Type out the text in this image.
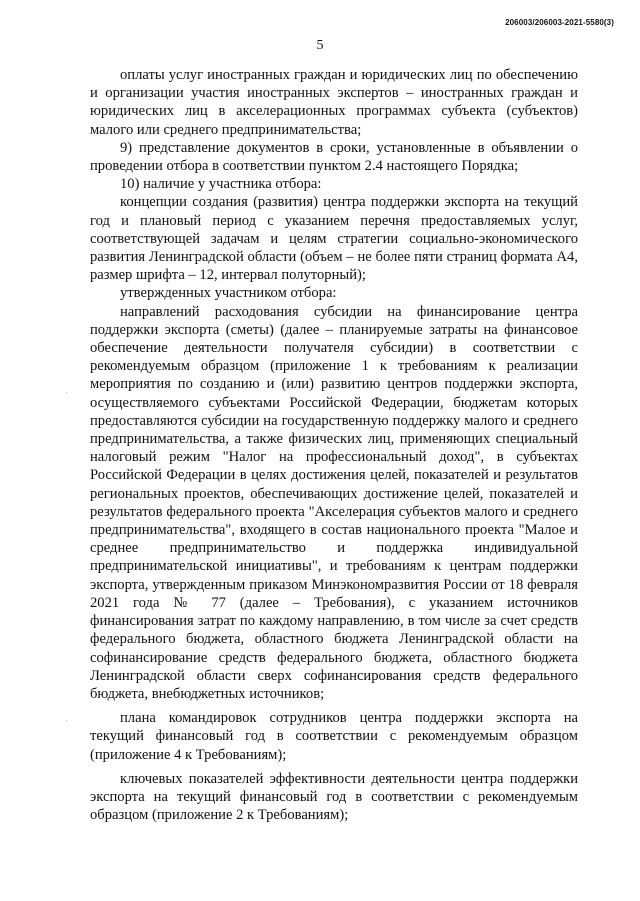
206003/206003-2021-5580(3)
5

оплаты услуг иностранных граждан и юридических лиц по обеспечению и организации участия иностранных экспертов – иностранных граждан и юридических лиц в акселерационных программах субъекта (субъектов) малого или среднего предпринимательства;

9) представление документов в сроки, установленные в объявлении о проведении отбора в соответствии пунктом 2.4 настоящего Порядка;

10) наличие у участника отбора:

концепции создания (развития) центра поддержки экспорта на текущий год и плановый период с указанием перечня предоставляемых услуг, соответствующей задачам и целям стратегии социально-экономического развития Ленинградской области (объем – не более пяти страниц формата А4, размер шрифта – 12, интервал полуторный);

утвержденных участником отбора:

направлений расходования субсидии на финансирование центра поддержки экспорта (сметы) (далее – планируемые затраты на финансовое обеспечение деятельности получателя субсидии) в соответствии с рекомендуемым образцом (приложение 1 к требованиям к реализации мероприятия по созданию и (или) развитию центров поддержки экспорта, осуществляемого субъектами Российской Федерации, бюджетам которых предоставляются субсидии на государственную поддержку малого и среднего предпринимательства, а также физических лиц, применяющих специальный налоговый режим "Налог на профессиональный доход", в субъектах Российской Федерации в целях достижения целей, показателей и результатов региональных проектов, обеспечивающих достижение целей, показателей и результатов федерального проекта "Акселерация субъектов малого и среднего предпринимательства", входящего в состав национального проекта "Малое и среднее предпринимательство и поддержка индивидуальной предпринимательской инициативы", и требованиям к центрам поддержки экспорта, утвержденным приказом Минэкономразвития России от 18 февраля 2021 года № 77 (далее – Требования), с указанием источников финансирования затрат по каждому направлению, в том числе за счет средств федерального бюджета, областного бюджета Ленинградской области на софинансирование средств федерального бюджета, областного бюджета Ленинградской области сверх софинансирования средств федерального бюджета, внебюджетных источников;

плана командировок сотрудников центра поддержки экспорта на текущий финансовый год в соответствии с рекомендуемым образцом (приложение 4 к Требованиям);

ключевых показателей эффективности деятельности центра поддержки экспорта на текущий финансовый год в соответствии с рекомендуемым образцом (приложение 2 к Требованиям);
